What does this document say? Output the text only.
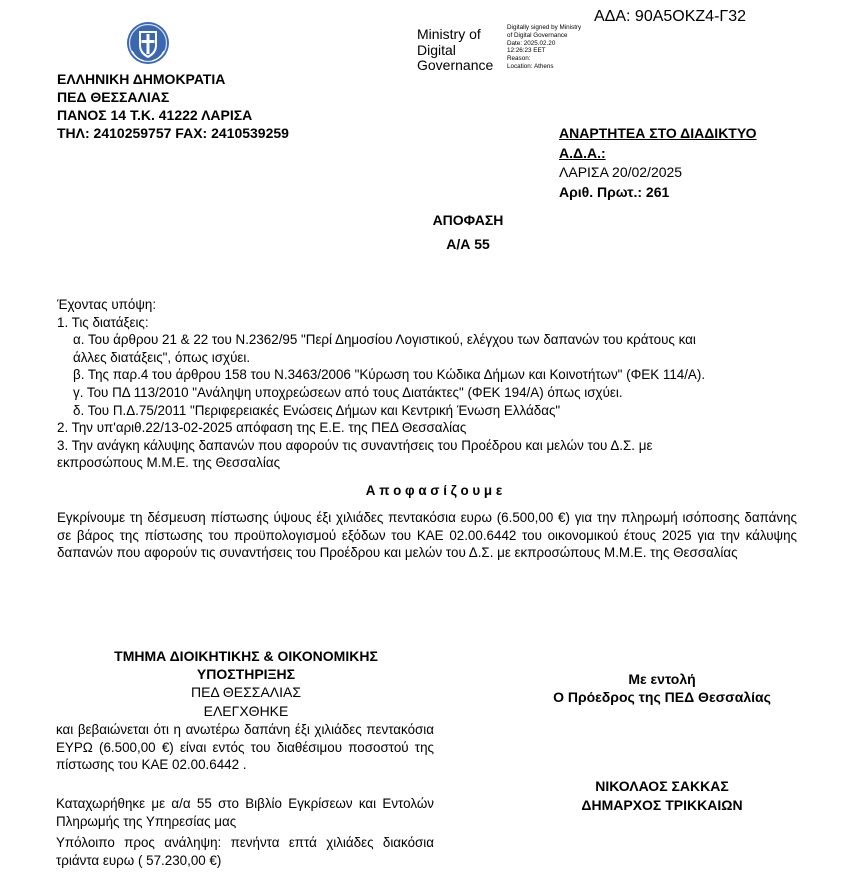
ΑΔΑ: 90Α5ΟΚΖ4-Γ32
Ministry of
Digital
Governance
Digitally signed by Ministry
of Digital Governance
Date: 2025.02.20
12:26:23 EET
Reason:
Location: Athens
ΕΛΛΗΝΙΚΗ ΔΗΜΟΚΡΑΤΙΑ
ΠΕΔ ΘΕΣΣΑΛΙΑΣ
ΠΑΝΟΣ 14 Τ.Κ. 41222 ΛΑΡΙΣΑ
ΤΗΛ: 2410259757 FAX: 2410539259	ΑΝΑΡΤΗΤΕΑ ΣΤΟ ΔΙΑΔΙΚΤΥΟ
Α.Δ.Α.:
ΛΑΡΙΣΑ 20/02/2025
Αριθ. Πρωτ.: 261
ΑΠΟΦΑΣΗ
Α/Α 55
Έχοντας υπόψη:
1. Τις διατάξεις:
α. Του άρθρου 21 & 22 του Ν.2362/95 "Περί Δημοσίου Λογιστικού, ελέγχου των δαπανών του κράτους και
άλλες διατάξεις", όπως ισχύει.
β. Της παρ.4 του άρθρου 158 του Ν.3463/2006 "Κύρωση του Κώδικα Δήμων και Κοινοτήτων" (ΦΕΚ 114/Α).
γ. Του ΠΔ 113/2010 "Ανάληψη υποχρεώσεων από τους Διατάκτες" (ΦΕΚ 194/Α) όπως ισχύει.
δ. Του Π.Δ.75/2011 "Περιφερειακές Ενώσεις Δήμων και Κεντρική Ένωση Ελλάδας"
2. Την υπ'αριθ.22/13-02-2025 απόφαση της Ε.Ε. της ΠΕΔ Θεσσαλίας
3. Την ανάγκη κάλυψης δαπανών που αφορούν τις συναντήσεις του Προέδρου και μελών του Δ.Σ. με
εκπροσώπους Μ.Μ.Ε. της Θεσσαλίας
Α π ο φ α σ ί ζ ο υ μ ε
Εγκρίνουμε τη δέσμευση πίστωσης ύψους έξι χιλιάδες πεντακόσια ευρω (6.500,00 €) για την πληρωμή ισόποσης δαπάνης σε βάρος της πίστωσης του προϋπολογισμού εξόδων του ΚΑΕ 02.00.6442 του οικονομικού έτους 2025 για την κάλυψης δαπανών που αφορούν τις συναντήσεις του Προέδρου και μελών του Δ.Σ. με εκπροσώπους Μ.Μ.Ε. της Θεσσαλίας
ΤΜΗΜΑ ΔΙΟΙΚΗΤΙΚΗΣ & ΟΙΚΟΝΟΜΙΚΗΣ
ΥΠΟΣΤΗΡΙΞΗΣ
ΠΕΔ ΘΕΣΣΑΛΙΑΣ
ΕΛΕΓΧΘΗΚΕ
και βεβαιώνεται ότι η ανωτέρω δαπάνη έξι χιλιάδες πεντακόσια ΕΥΡΩ (6.500,00 €) είναι εντός του διαθέσιμου ποσοστού της πίστωσης του ΚΑΕ 02.00.6442 .
Καταχωρήθηκε με α/α 55 στο Βιβλίο Εγκρίσεων και Εντολών Πληρωμής της Υπηρεσίας μας
Υπόλοιπο προς ανάληψη: πενήντα επτά χιλιάδες διακόσια τριάντα ευρω ( 57.230,00 €)
Με εντολή
Ο Πρόεδρος της ΠΕΔ Θεσσαλίας
ΝΙΚΟΛΑΟΣ ΣΑΚΚΑΣ
ΔΗΜΑΡΧΟΣ ΤΡΙΚΚΑΙΩΝ
